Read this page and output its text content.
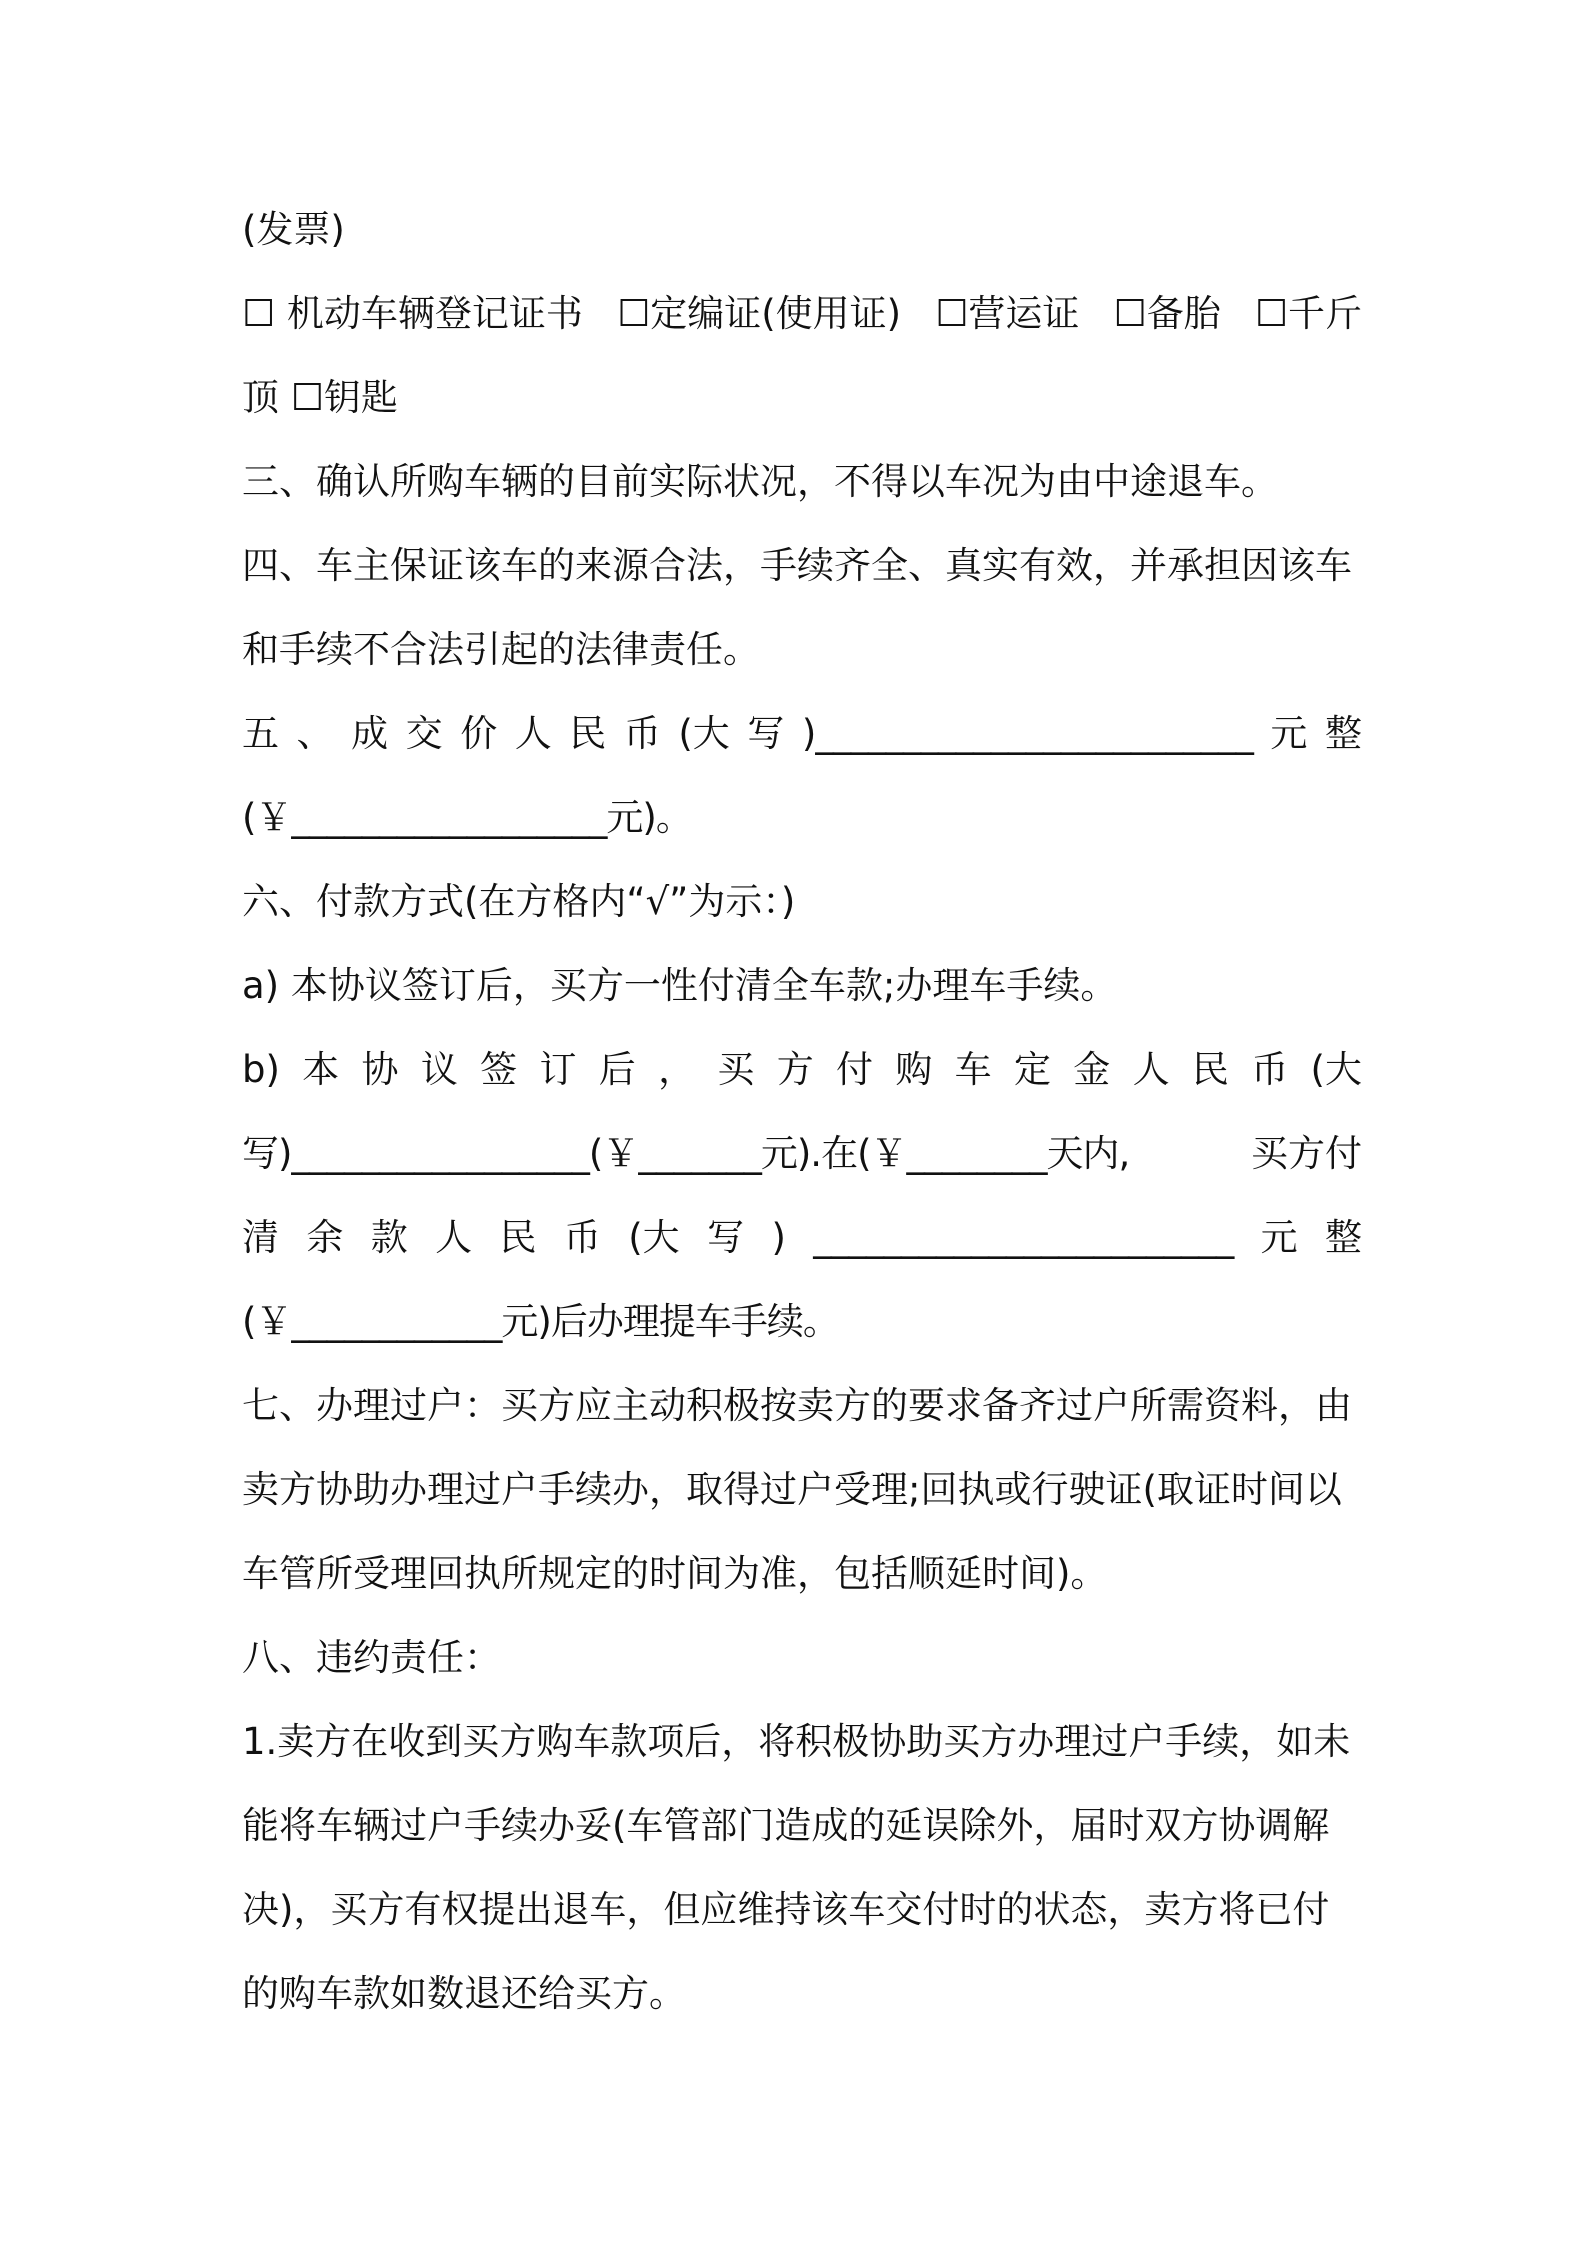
(发票)
☐ 机动车辆登记证书 ☐定编证(使用证) ☐营运证 ☐备胎 ☐千斤
顶 ☐钥匙
三、确认所购车辆的目前实际状况，不得以车况为由中途退车。
四、车主保证该车的来源合法，手续齐全、真实有效，并承担因该车
和手续不合法引起的法律责任。
五 、 成 交 价 人 民 币 (大 写 )_________________________ 元 整
(￥__________________元)。
六、付款方式(在方格内“√”为示：)
a) 本协议签订后，买方一性付清全车款;办理车手续。
b) 本 协 议 签 订 后 ， 买 方 付 购 车 定 金 人 民 币 (大
写)_________________(￥_______元).在(￥________天内,	买方付
清 余 款 人 民 币 (大 写 ) ________________________ 元 整
(￥____________元)后办理提车手续。
七、办理过户：买方应主动积极按卖方的要求备齐过户所需资料，由
卖方协助办理过户手续办，取得过户受理;回执或行驶证(取证时间以
车管所受理回执所规定的时间为准，包括顺延时间)。
八、违约责任：
1.卖方在收到买方购车款项后，将积极协助买方办理过户手续，如未
能将车辆过户手续办妥(车管部门造成的延误除外，届时双方协调解
决)，买方有权提出退车，但应维持该车交付时的状态，卖方将已付
的购车款如数退还给买方。
